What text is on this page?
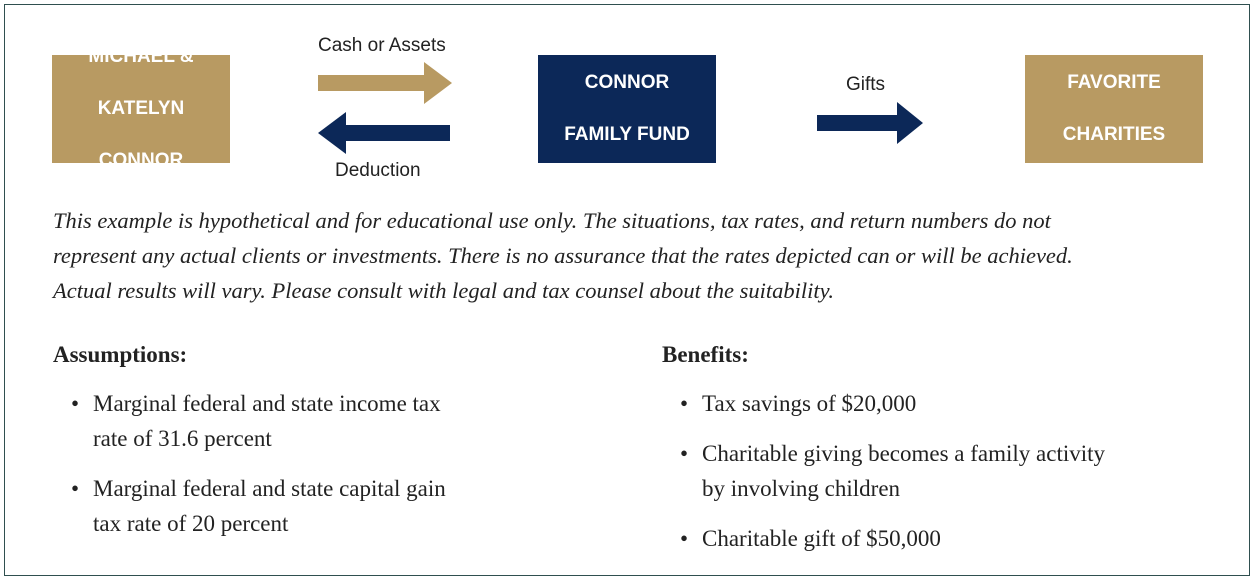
MICHAEL &

KATELYN

CONNOR

CONNOR

FAMILY FUND

FAVORITE

CHARITIES

Cash or Assets
Deduction
Gifts
This example is hypothetical and for educational use only. The situations, tax rates, and return numbers do not
represent any actual clients or investments. There is no assurance that the rates depicted can or will be achieved.
Actual results will vary. Please consult with legal and tax counsel about the suitability.
Assumptions:
• Marginal federal and state income tax
rate of 31.6 percent
• Marginal federal and state capital gain
tax rate of 20 percent
Benefits:
• Tax savings of $20,000
• Charitable giving becomes a family activity
by involving children
• Charitable gift of $50,000
